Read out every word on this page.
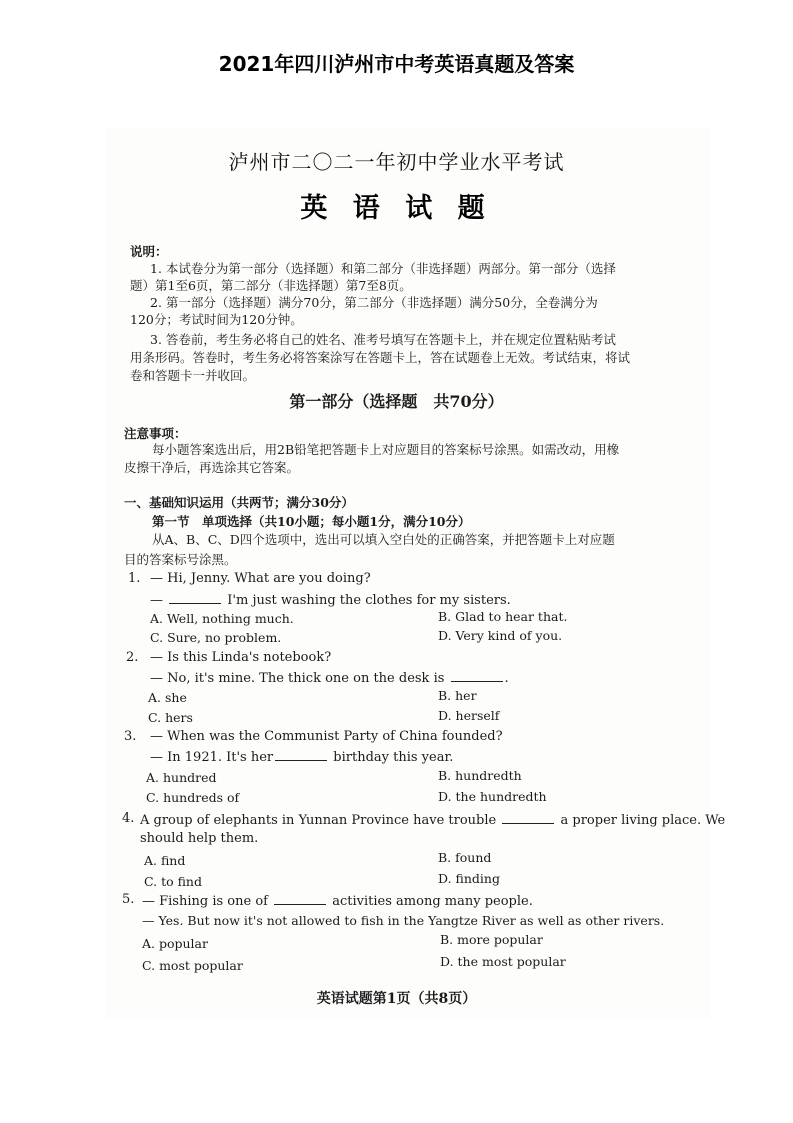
2021年四川泸州市中考英语真题及答案
泸州市二〇二一年初中学业水平考试
英 语 试 题
说明：
1. 本试卷分为第一部分（选择题）和第二部分（非选择题）两部分。第一部分（选择
题）第1至6页，第二部分（非选择题）第7至8页。
2. 第一部分（选择题）满分70分，第二部分（非选择题）满分50分，全卷满分为
120分；考试时间为120分钟。
3. 答卷前，考生务必将自己的姓名、准考号填写在答题卡上，并在规定位置粘贴考试
用条形码。答卷时，考生务必将答案涂写在答题卡上，答在试题卷上无效。考试结束，将试
卷和答题卡一并收回。
第一部分（选择题　共70分）
注意事项：
每小题答案选出后，用2B铅笔把答题卡上对应题目的答案标号涂黑。如需改动，用橡
皮擦干净后，再选涂其它答案。
一、基础知识运用（共两节；满分30分）
第一节　单项选择（共10小题；每小题1分，满分10分）
从A、B、C、D四个选项中，选出可以填入空白处的正确答案，并把答题卡上对应题
目的答案标号涂黑。
1. — Hi, Jenny. What are you doing?
—	I'm just washing the clothes for my sisters.
A. Well, nothing much.	B. Glad to hear that.
C. Sure, no problem.	D. Very kind of you.
2. — Is this Linda's notebook?
— No, it's mine. The thick one on the desk is	.
A. she	B. her
C. hers	D. herself
3. — When was the Communist Party of China founded?
— In 1921. It's her	birthday this year.
A. hundred	B. hundredth
C. hundreds of	D. the hundredth
4. A group of elephants in Yunnan Province have trouble	a proper living place. We
should help them.
A. find	B. found
C. to find	D. finding
5. — Fishing is one of	activities among many people.
— Yes. But now it's not allowed to fish in the Yangtze River as well as other rivers.
A. popular	B. more popular
C. most popular	D. the most popular
英语试题第1页（共8页）
